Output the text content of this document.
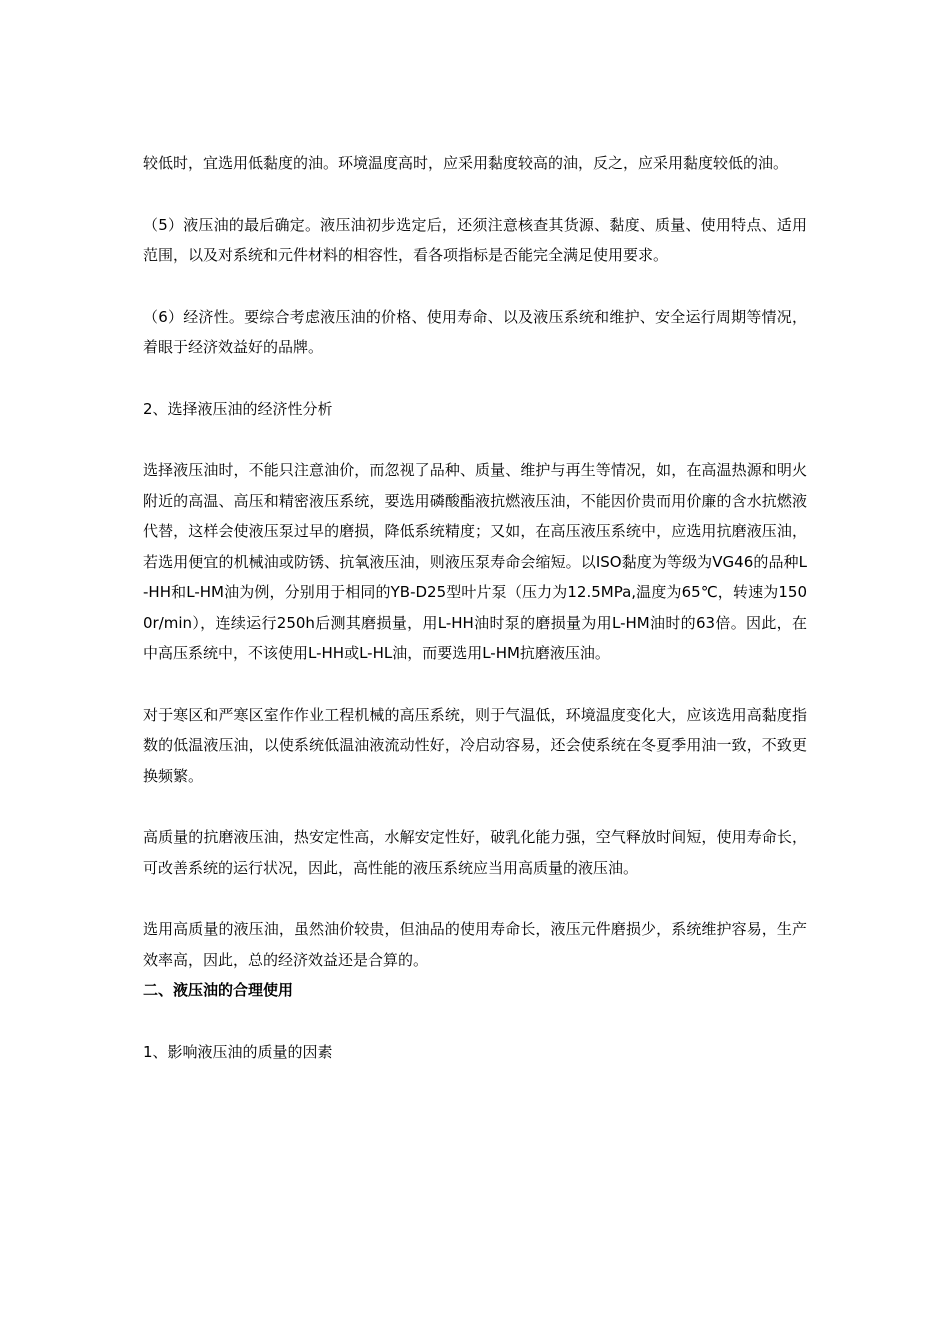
较低时，宜选用低黏度的油。环境温度高时，应采用黏度较高的油，反之，应采用黏度较低的油。

（5）液压油的最后确定。液压油初步选定后，还须注意核查其货源、黏度、质量、使用特点、适用范围，以及对系统和元件材料的相容性，看各项指标是否能完全满足使用要求。

（6）经济性。要综合考虑液压油的价格、使用寿命、以及液压系统和维护、安全运行周期等情况，着眼于经济效益好的品牌。

2、选择液压油的经济性分析

选择液压油时，不能只注意油价，而忽视了品种、质量、维护与再生等情况，如，在高温热源和明火附近的高温、高压和精密液压系统，要选用磷酸酯液抗燃液压油，不能因价贵而用价廉的含水抗燃液代替，这样会使液压泵过早的磨损，降低系统精度；又如，在高压液压系统中，应选用抗磨液压油，若选用便宜的机械油或防锈、抗氧液压油，则液压泵寿命会缩短。以ISO黏度为等级为VG46的品种L-HH和L-HM油为例，分别用于相同的YB-D25型叶片泵（压力为12.5MPa,温度为65℃，转速为1500r/min），连续运行250h后测其磨损量，用L-HH油时泵的磨损量为用L-HM油时的63倍。因此，在中高压系统中，不该使用L-HH或L-HL油，而要选用L-HM抗磨液压油。

对于寒区和严寒区室作作业工程机械的高压系统，则于气温低，环境温度变化大，应该选用高黏度指数的低温液压油，以使系统低温油液流动性好，冷启动容易，还会使系统在冬夏季用油一致，不致更换频繁。

高质量的抗磨液压油，热安定性高，水解安定性好，破乳化能力强，空气释放时间短，使用寿命长，可改善系统的运行状况，因此，高性能的液压系统应当用高质量的液压油。

选用高质量的液压油，虽然油价较贵，但油品的使用寿命长，液压元件磨损少，系统维护容易，生产效率高，因此，总的经济效益还是合算的。

二、液压油的合理使用

1、影响液压油的质量的因素
